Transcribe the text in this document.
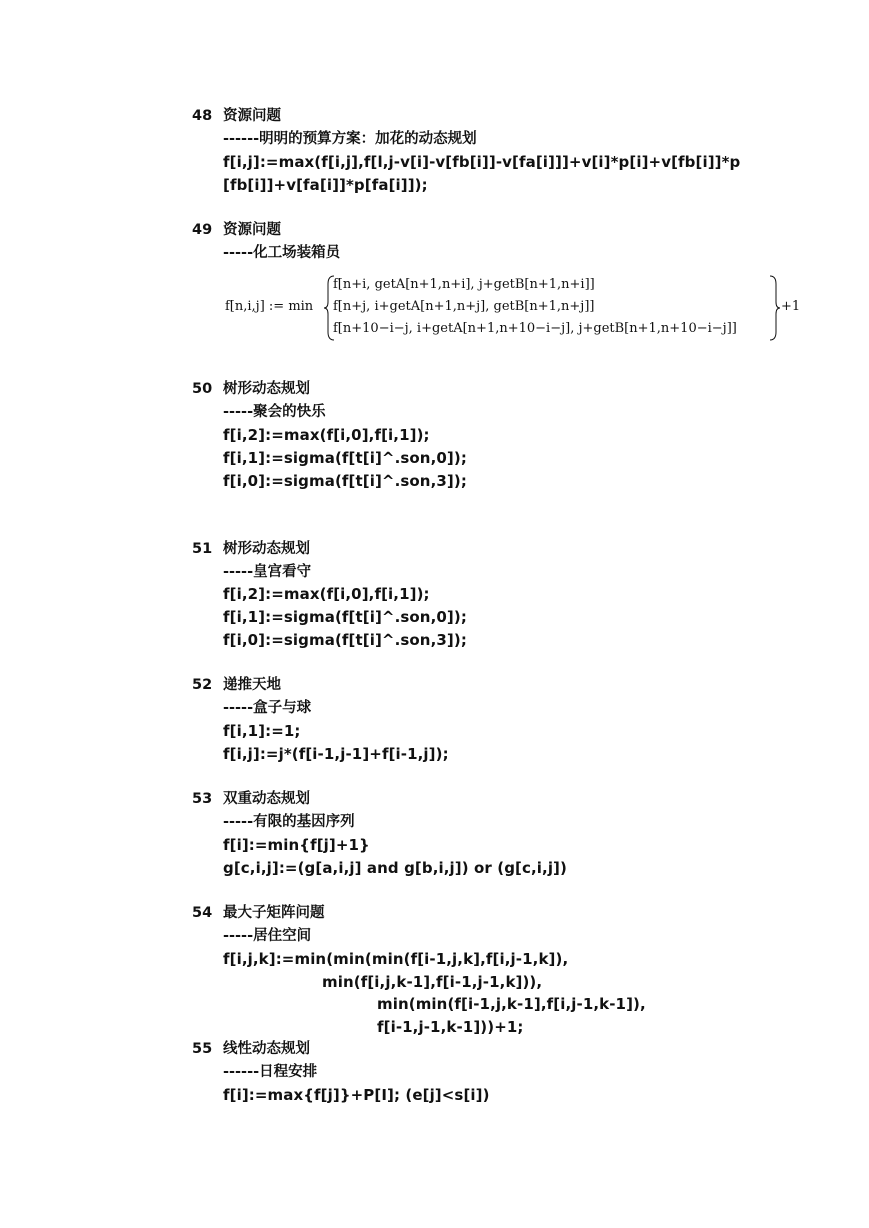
48 资源问题
------明明的预算方案：加花的动态规划
f[i,j]:=max(f[i,j],f[l,j-v[i]-v[fb[i]]-v[fa[i]]]+v[i]*p[i]+v[fb[i]]*p
[fb[i]]+v[fa[i]]*p[fa[i]]);
49 资源问题
-----化工场装箱员
f[n,i,j] := min
f[n+i, getA[n+1,n+i], j+getB[n+1,n+i]]
f[n+j, i+getA[n+1,n+j], getB[n+1,n+j]]
f[n+10−i−j, i+getA[n+1,n+10−i−j], j+getB[n+1,n+10−i−j]]
+1
50 树形动态规划
-----聚会的快乐
f[i,2]:=max(f[i,0],f[i,1]);
f[i,1]:=sigma(f[t[i]^.son,0]);
f[i,0]:=sigma(f[t[i]^.son,3]);
51 树形动态规划
-----皇宫看守
f[i,2]:=max(f[i,0],f[i,1]);
f[i,1]:=sigma(f[t[i]^.son,0]);
f[i,0]:=sigma(f[t[i]^.son,3]);
52 递推天地
-----盒子与球
f[i,1]:=1;
f[i,j]:=j*(f[i-1,j-1]+f[i-1,j]);
53 双重动态规划
-----有限的基因序列
f[i]:=min{f[j]+1}
g[c,i,j]:=(g[a,i,j] and g[b,i,j]) or (g[c,i,j])
54 最大子矩阵问题
-----居住空间
f[i,j,k]:=min(min(min(f[i-1,j,k],f[i,j-1,k]),
min(f[i,j,k-1],f[i-1,j-1,k])),
min(min(f[i-1,j,k-1],f[i,j-1,k-1]),
f[i-1,j-1,k-1]))+1;
55 线性动态规划
------日程安排
f[i]:=max{f[j]}+P[I]; (e[j]<s[i])
